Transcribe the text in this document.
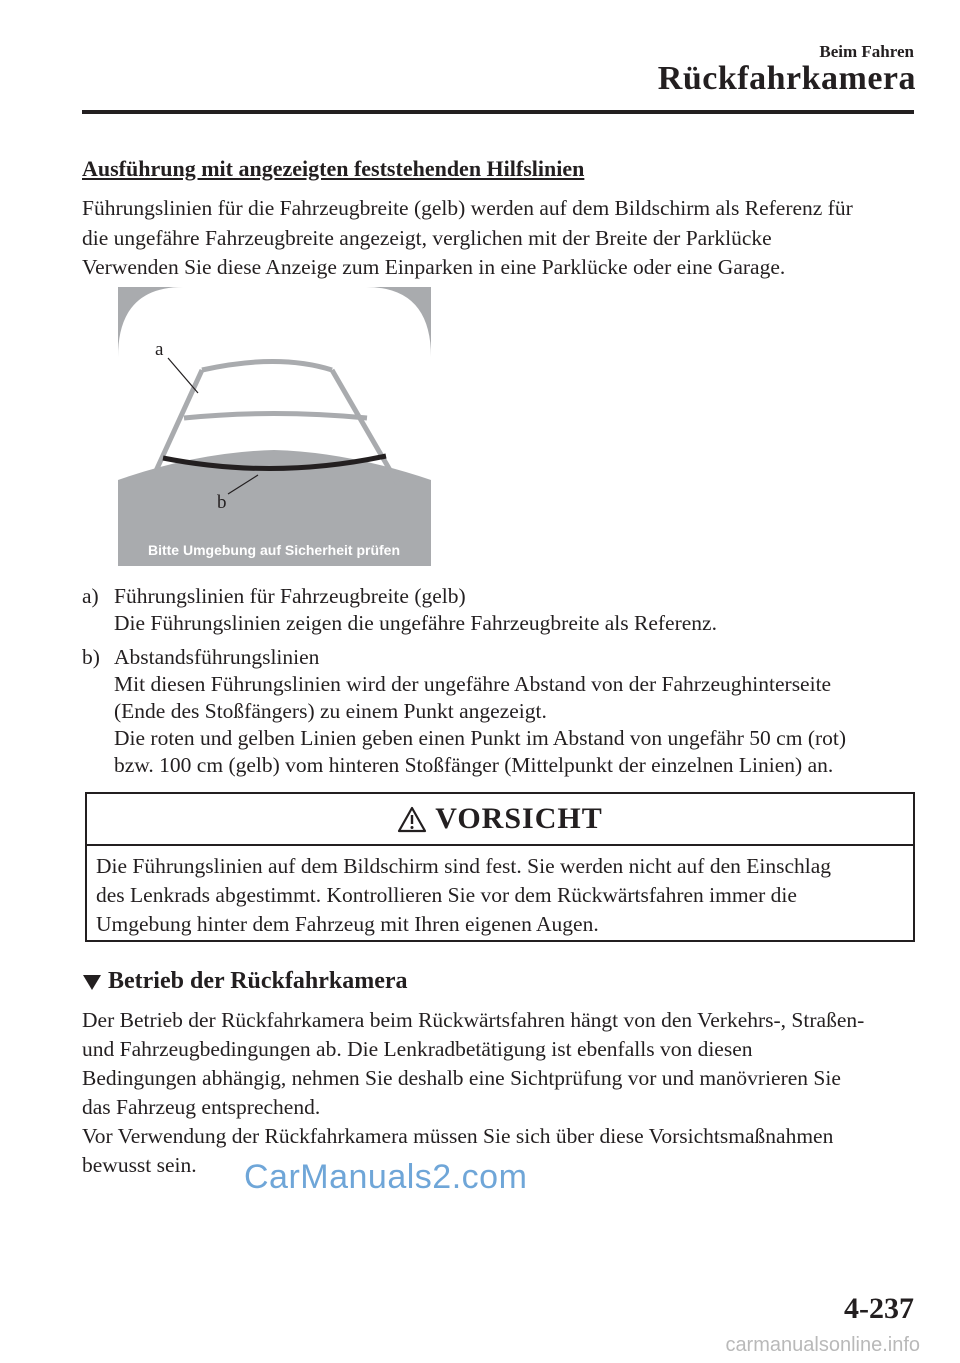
Beim Fahren
Rückfahrkamera
Ausführung mit angezeigten feststehenden Hilfslinien

Führungslinien für die Fahrzeugbreite (gelb) werden auf dem Bildschirm als Referenz für

die ungefähre Fahrzeugbreite angezeigt, verglichen mit der Breite der Parklücke

Verwenden Sie diese Anzeige zum Einparken in eine Parklücke oder eine Garage.

a
b
Bitte Umgebung auf Sicherheit prüfen
a) Führungslinien für Fahrzeugbreite (gelb)
Die Führungslinien zeigen die ungefähre Fahrzeugbreite als Referenz.
b) Abstandsführungslinien
Mit diesen Führungslinien wird der ungefähre Abstand von der Fahrzeughinterseite
(Ende des Stoßfängers) zu einem Punkt angezeigt.
Die roten und gelben Linien geben einen Punkt im Abstand von ungefähr 50 cm (rot)
bzw. 100 cm (gelb) vom hinteren Stoßfänger (Mittelpunkt der einzelnen Linien) an.
VORSICHT
Die Führungslinien auf dem Bildschirm sind fest. Sie werden nicht auf den Einschlag
des Lenkrads abgestimmt. Kontrollieren Sie vor dem Rückwärtsfahren immer die
Umgebung hinter dem Fahrzeug mit Ihren eigenen Augen.
Betrieb der Rückfahrkamera

Der Betrieb der Rückfahrkamera beim Rückwärtsfahren hängt von den Verkehrs-, Straßen-

und Fahrzeugbedingungen ab. Die Lenkradbetätigung ist ebenfalls von diesen

Bedingungen abhängig, nehmen Sie deshalb eine Sichtprüfung vor und manövrieren Sie

das Fahrzeug entsprechend.

Vor Verwendung der Rückfahrkamera müssen Sie sich über diese Vorsichtsmaßnahmen

bewusst sein.	CarManuals2.com
4-237
carmanualsonline.info
